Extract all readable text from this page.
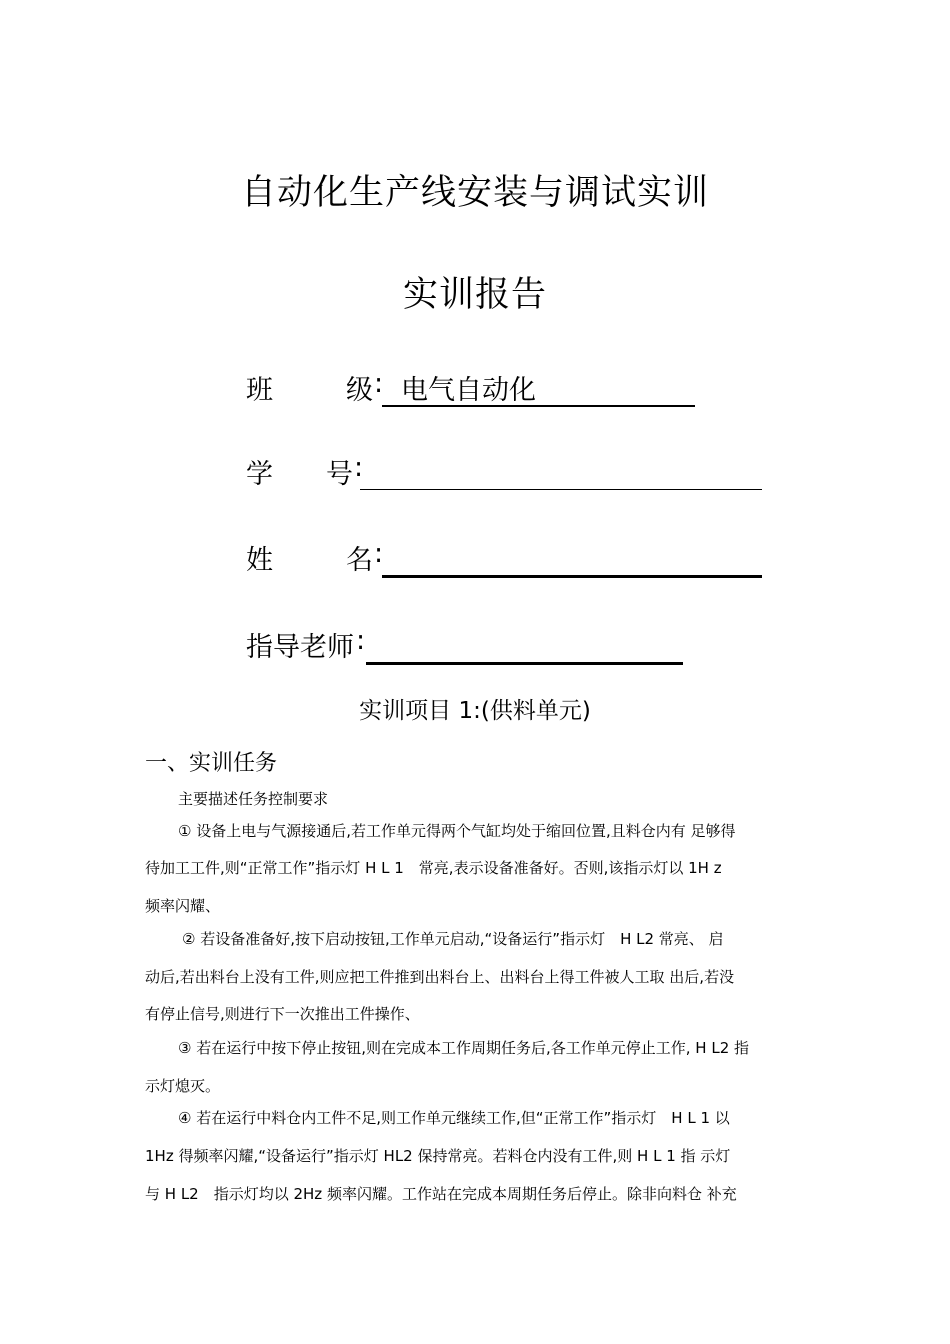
自动化生产线安装与调试实训
实训报告
班	级 : 电气自动化
学 号 :
姓	名 :
指导老师 :
实训项目 1:(供料单元)
一、实训任务
主要描述任务控制要求
① 设备上电与气源接通后,若工作单元得两个气缸均处于缩回位置,且料仓内有 足够得
待加工工件,则“正常工作”指示灯 H L 1　常亮,表示设备准备好。否则,该指示灯以 1H z
频率闪耀、
② 若设备准备好,按下启动按钮,工作单元启动,“设备运行”指示灯　H L2 常亮、 启
动后,若出料台上没有工件,则应把工件推到出料台上、出料台上得工件被人工取 出后,若没
有停止信号,则进行下一次推出工件操作、
③ 若在运行中按下停止按钮,则在完成本工作周期任务后,各工作单元停止工作, H L2 指
示灯熄灭。
④ 若在运行中料仓内工件不足,则工作单元继续工作,但“正常工作”指示灯　H L 1 以
1Hz 得频率闪耀,“设备运行”指示灯 HL2 保持常亮。若料仓内没有工件,则 H L 1 指 示灯
与 H L2　指示灯均以 2Hz 频率闪耀。工作站在完成本周期任务后停止。除非向料仓 补充
